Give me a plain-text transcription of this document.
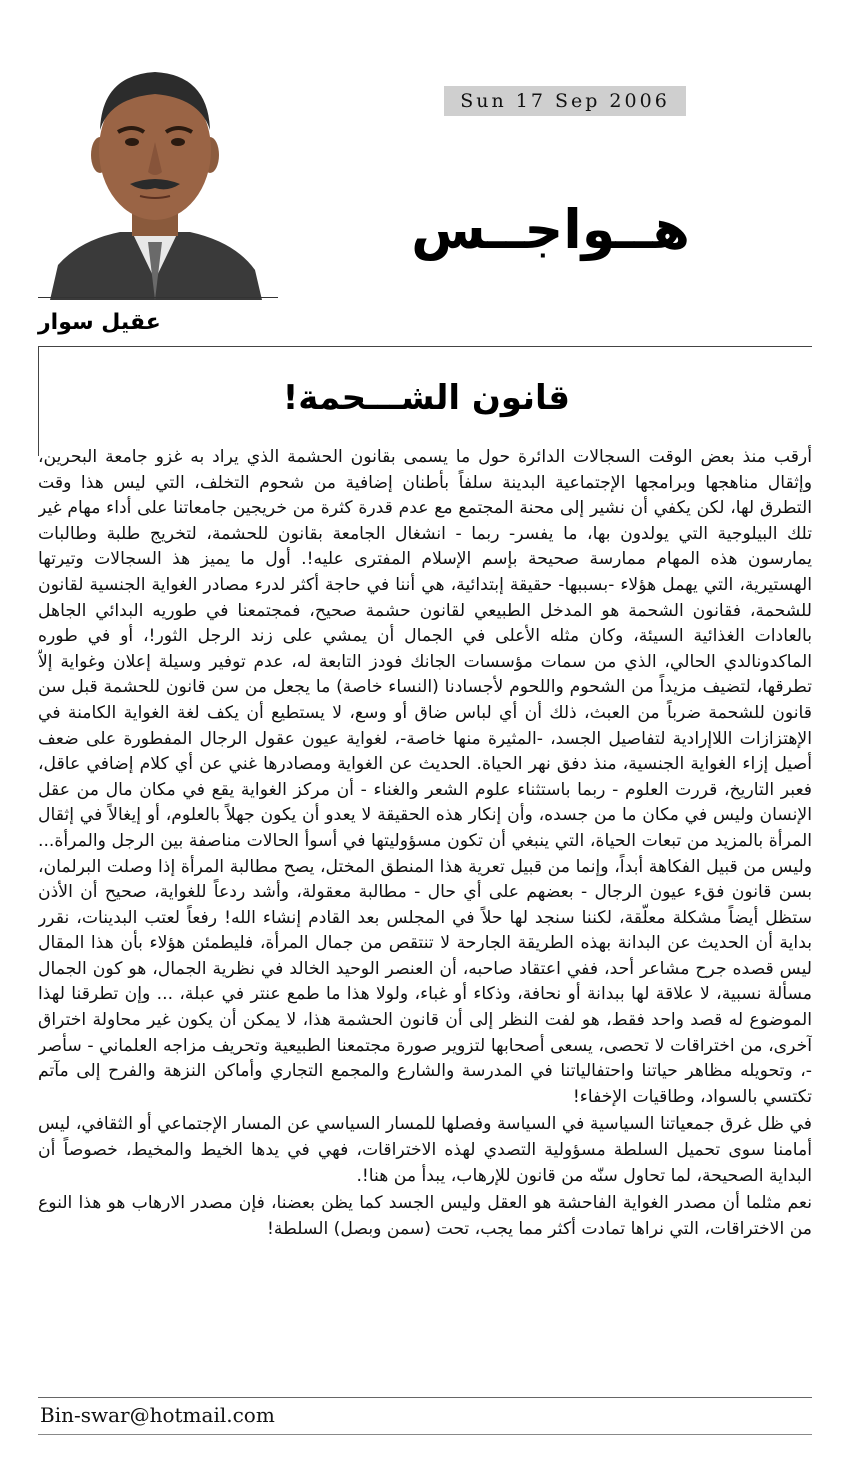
Sun 17 Sep 2006
هــواجــس
عقيل سوار
قانون الشـــحمة!

أرقب منذ بعض الوقت السجالات الدائرة حول ما يسمى بقانون الحشمة الذي يراد به غزو جامعة البحرين، وإثقال مناهجها وبرامجها الإجتماعية البدينة سلفاً بأطنان إضافية من شحوم التخلف، التي ليس هذا وقت التطرق لها، لكن يكفي أن نشير إلى محنة المجتمع مع عدم قدرة كثرة من خريجين جامعاتنا على أداء مهام غير تلك البيلوجية التي يولدون بها، ما يفسر- ربما - انشغال الجامعة بقانون للحشمة، لتخريج طلبة وطالبات يمارسون هذه المهام ممارسة صحيحة بإسم الإسلام المفترى عليه!. أول ما يميز هذ السجالات وتيرتها الهستيرية، التي يهمل هؤلاء -بسببها- حقيقة إبتدائية، هي أننا في حاجة أكثر لدرء مصادر الغواية الجنسية لقانون للشحمة، فقانون الشحمة هو المدخل الطبيعي لقانون حشمة صحيح، فمجتمعنا في طوريه البدائي الجاهل بالعادات الغذائية السيئة، وكان مثله الأعلى في الجمال أن يمشي على زند الرجل الثور!، أو في طوره الماكدونالدي الحالي، الذي من سمات مؤسسات الجانك فودز التابعة له، عدم توفير وسيلة إعلان وغواية إلاّ تطرقها، لتضيف مزيداً من الشحوم واللحوم لأجسادنا (النساء خاصة) ما يجعل من سن قانون للحشمة قبل سن قانون للشحمة ضرباً من العبث، ذلك أن أي لباس ضاق أو وسع، لا يستطيع أن يكف لغة الغواية الكامنة في الإهتزازات اللاإرادية لتفاصيل الجسد، -المثيرة منها خاصة-، لغواية عيون عقول الرجال المفطورة على ضعف أصيل إزاء الغواية الجنسية، منذ دفق نهر الحياة. الحديث عن الغواية ومصادرها غني عن أي كلام إضافي عاقل، فعبر التاريخ، قررت العلوم - ربما باستثناء علوم الشعر والغناء - أن مركز الغواية يقع في مكان مال من عقل الإنسان وليس في مكان ما من جسده، وأن إنكار هذه الحقيقة لا يعدو أن يكون جهلاً بالعلوم، أو إيغالاً في إثقال المرأة بالمزيد من تبعات الحياة، التي ينبغي أن تكون مسؤوليتها في أسوأ الحالات مناصفة بين الرجل والمرأة... وليس من قبيل الفكاهة أبداً، وإنما من قبيل تعرية هذا المنطق المختل، يصح مطالبة المرأة إذا وصلت البرلمان، بسن قانون فقء عيون الرجال - بعضهم على أي حال - مطالبة معقولة، وأشد ردعاً للغواية، صحيح أن الأذن ستظل أيضاً مشكلة معلّقة، لكننا سنجد لها حلاً في المجلس بعد القادم إنشاء الله! رفعاً لعتب البدينات، نقرر بداية أن الحديث عن البدانة بهذه الطريقة الجارحة لا تنتقص من جمال المرأة، فليطمئن هؤلاء بأن هذا المقال ليس قصده جرح مشاعر أحد، ففي اعتقاد صاحبه، أن العنصر الوحيد الخالد في نظرية الجمال، هو كون الجمال مسألة نسبية، لا علاقة لها ببدانة أو نحافة، وذكاء أو غباء، ولولا هذا ما طمع عنتر في عبلة، ... وإن تطرقنا لهذا الموضوع له قصد واحد فقط، هو لفت النظر إلى أن قانون الحشمة هذا، لا يمكن أن يكون غير محاولة اختراق آخرى، من اختراقات لا تحصى، يسعى أصحابها لتزوير صورة مجتمعنا الطبيعية وتحريف مزاجه العلماني - سأصر -، وتحويله مظاهر حياتنا واحتفالياتنا في المدرسة والشارع والمجمع التجاري وأماكن النزهة والفرح إلى مآتم تكتسي بالسواد، وطاقيات الإخفاء!

في ظل غرق جمعياتنا السياسية في السياسة وفصلها للمسار السياسي عن المسار الإجتماعي أو الثقافي، ليس أمامنا سوى تحميل السلطة مسؤولية التصدي لهذه الاختراقات، فهي في يدها الخيط والمخيط، خصوصاً أن البداية الصحيحة، لما تحاول سنّه من قانون للإرهاب، يبدأ من هنا!.

نعم مثلما أن مصدر الغواية الفاحشة هو العقل وليس الجسد كما يظن بعضنا، فإن مصدر الارهاب هو هذا النوع من الاختراقات، التي نراها تمادت أكثر مما يجب، تحت (سمن وبصل) السلطة!

Bin-swar@hotmail.com
